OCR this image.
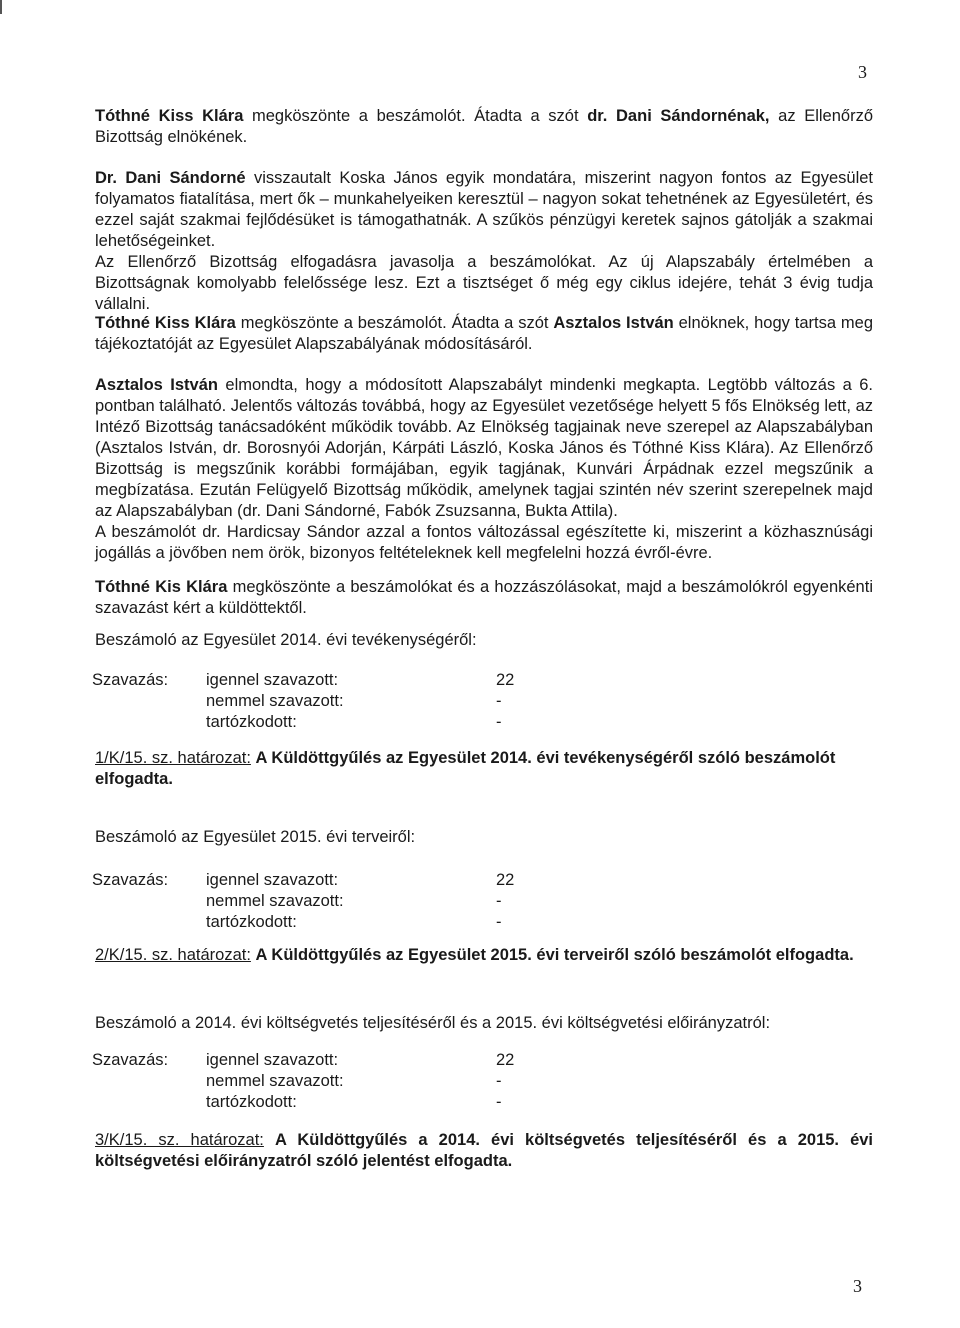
3
Tóthné Kiss Klára megköszönte a beszámolót. Átadta a szót dr. Dani Sándornénak, az Ellenőrző Bizottság elnökének.
Dr. Dani Sándorné visszautalt Koska János egyik mondatára, miszerint nagyon fontos az Egyesület folyamatos fiatalítása, mert ők – munkahelyeiken keresztül – nagyon sokat tehetnének az Egyesületért, és ezzel saját szakmai fejlődésüket is támogathatnák. A szűkös pénzügyi keretek sajnos gátolják a szakmai lehetőségeinket.
Az Ellenőrző Bizottság elfogadásra javasolja a beszámolókat. Az új Alapszabály értelmében a Bizottságnak komolyabb felelőssége lesz. Ezt a tisztséget ő még egy ciklus idejére, tehát 3 évig tudja vállalni.
Tóthné Kiss Klára megköszönte a beszámolót. Átadta a szót Asztalos István elnöknek, hogy tartsa meg tájékoztatóját az Egyesület Alapszabályának módosításáról.
Asztalos István elmondta, hogy a módosított Alapszabályt mindenki megkapta. Legtöbb változás a 6. pontban található. Jelentős változás továbbá, hogy az Egyesület vezetősége helyett 5 fős Elnökség lett, az Intéző Bizottság tanácsadóként működik tovább. Az Elnökség tagjainak neve szerepel az Alapszabályban (Asztalos István, dr. Borosnyói Adorján, Kárpáti László, Koska János és Tóthné Kiss Klára). Az Ellenőrző Bizottság is megszűnik korábbi formájában, egyik tagjának, Kunvári Árpádnak ezzel megszűnik a megbízatása. Ezután Felügyelő Bizottság működik, amelynek tagjai szintén név szerint szerepelnek majd az Alapszabályban (dr. Dani Sándorné, Fabók Zsuzsanna, Bukta Attila).
A beszámolót dr. Hardicsay Sándor azzal a fontos változással egészítette ki, miszerint a közhasznúsági jogállás a jövőben nem örök, bizonyos feltételeknek kell megfelelni hozzá évről-évre.
Tóthné Kis Klára megköszönte a beszámolókat és a hozzászólásokat, majd a beszámolókról egyenkénti szavazást kért a küldöttektől.
Beszámoló az Egyesület 2014. évi tevékenységéről:
Szavazás: igennel szavazott:	22
nemmel szavazott:	-
tartózkodott:	-
1/K/15. sz. határozat: A Küldöttgyűlés az Egyesület 2014. évi tevékenységéről szóló beszámolót elfogadta.
Beszámoló az Egyesület 2015. évi terveiről:
Szavazás: igennel szavazott:	22
nemmel szavazott:	-
tartózkodott:	-
2/K/15. sz. határozat: A Küldöttgyűlés az Egyesület 2015. évi terveiről szóló beszámolót elfogadta.
Beszámoló a 2014. évi költségvetés teljesítéséről és a 2015. évi költségvetési előirányzatról:
Szavazás: igennel szavazott:	22
nemmel szavazott:	-
tartózkodott:	-
3/K/15. sz. határozat: A Küldöttgyűlés a 2014. évi költségvetés teljesítéséről és a 2015. évi költségvetési előirányzatról szóló jelentést elfogadta.
3
